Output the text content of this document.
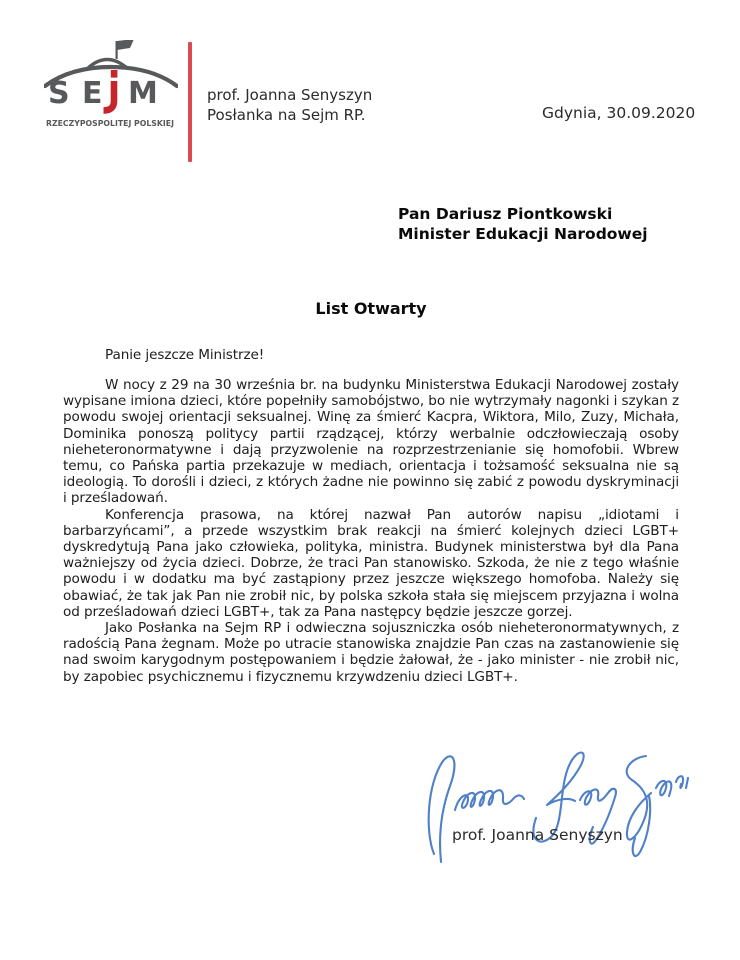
S E M
RZECZYPOSPOLITEJ POLSKIEJ
prof. Joanna Senyszyn
Posłanka na Sejm RP.	Gdynia, 30.09.2020
Pan Dariusz Piontkowski
Minister Edukacji Narodowej
List Otwarty

Panie jeszcze Ministrze!

W nocy z 29 na 30 września br. na budynku Ministerstwa Edukacji Narodowej zostały wypisane imiona dzieci, które popełniły samobójstwo, bo nie wytrzymały nagonki i szykan z powodu swojej orientacji seksualnej. Winę za śmierć Kacpra, Wiktora, Milo, Zuzy, Michała, Dominika ponoszą politycy partii rządzącej, którzy werbalnie odczłowieczają osoby nieheteronormatywne i dają przyzwolenie na rozprzestrzenianie się homofobii. Wbrew temu, co Pańska partia przekazuje w mediach, orientacja i tożsamość seksualna nie są ideologią. To dorośli i dzieci, z których żadne nie powinno się zabić z powodu dyskryminacji i prześladowań.

Konferencja prasowa, na której nazwał Pan autorów napisu „idiotami i barbarzyńcami”, a przede wszystkim brak reakcji na śmierć kolejnych dzieci LGBT+ dyskredytują Pana jako człowieka, polityka, ministra. Budynek ministerstwa był dla Pana ważniejszy od życia dzieci. Dobrze, że traci Pan stanowisko. Szkoda, że nie z tego właśnie powodu i w dodatku ma być zastąpiony przez jeszcze większego homofoba. Należy się obawiać, że tak jak Pan nie zrobił nic, by polska szkoła stała się miejscem przyjazna i wolna od prześladowań dzieci LGBT+, tak za Pana następcy będzie jeszcze gorzej.

Jako Posłanka na Sejm RP i odwieczna sojuszniczka osób nieheteronormatywnych, z radością Pana żegnam. Może po utracie stanowiska znajdzie Pan czas na zastanowienie się nad swoim karygodnym postępowaniem i będzie żałował, że - jako minister - nie zrobił nic, by zapobiec psychicznemu i fizycznemu krzywdzeniu dzieci LGBT+.

prof. Joanna Senyszyn
